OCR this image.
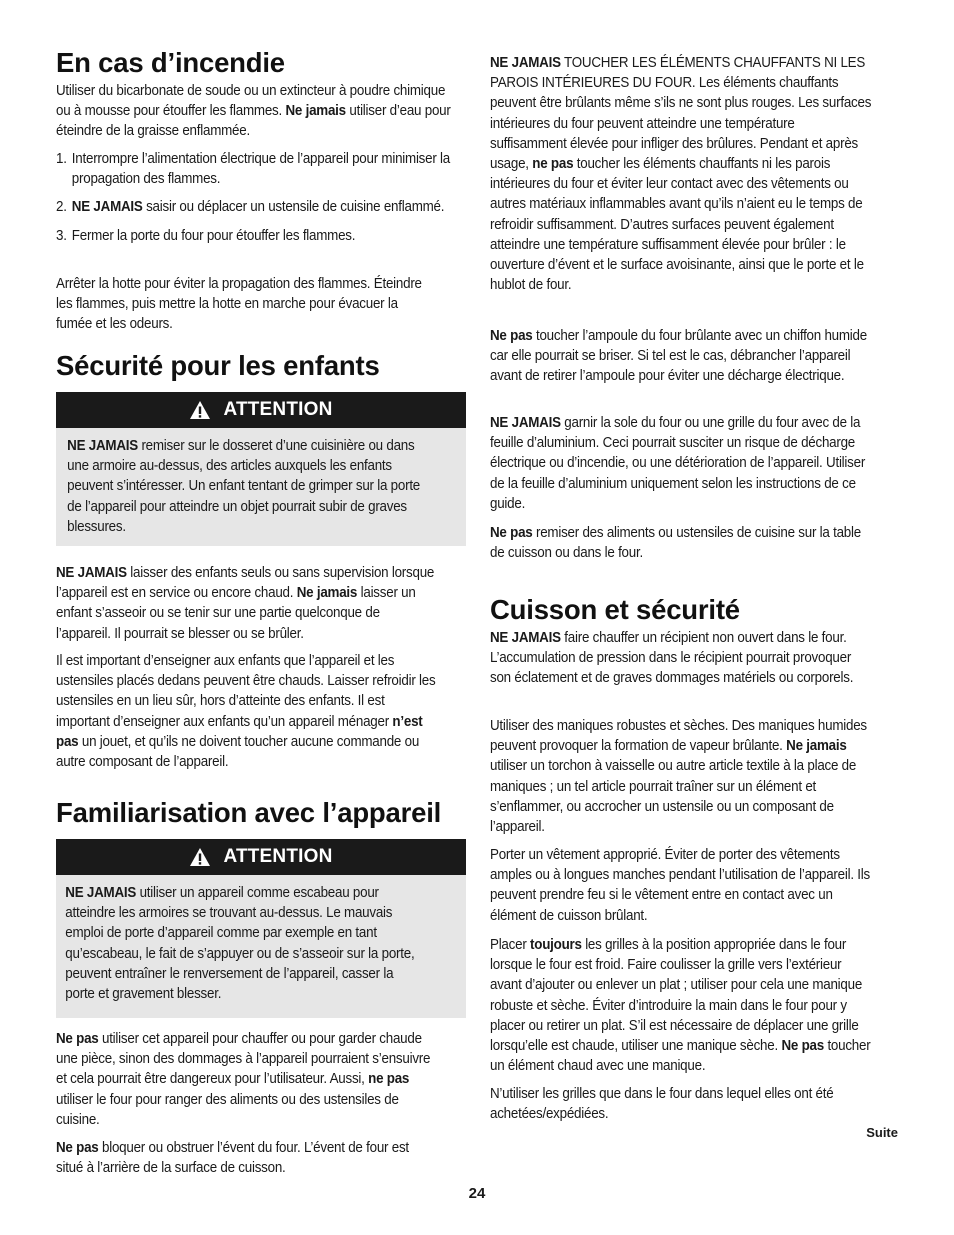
En cas d’incendie

Utiliser du bicarbonate de soude ou un extincteur à poudre chimique ou à mousse pour étouffer les flammes. Ne jamais utiliser d’eau pour éteindre de la graisse enflammée.

1. Interrompre l’alimentation électrique de l’appareil pour minimiser la propagation des flammes.

2. NE JAMAIS saisir ou déplacer un ustensile de cuisine enflammé.

3. Fermer la porte du four pour étouffer les flammes.

Arrêter la hotte pour éviter la propagation des flammes. Éteindre les flammes, puis mettre la hotte en marche pour évacuer la fumée et les odeurs.

Sécurité pour les enfants
ATTENTION

NE JAMAIS remiser sur le dosseret d’une cuisinière ou dans une armoire au-dessus, des articles auxquels les enfants peuvent s’intéresser. Un enfant tentant de grimper sur la porte de l’appareil pour atteindre un objet pourrait subir de graves blessures.

NE JAMAIS laisser des enfants seuls ou sans supervision lorsque l’appareil est en service ou encore chaud. Ne jamais laisser un enfant s’asseoir ou se tenir sur une partie quelconque de l’appareil. Il pourrait se blesser ou se brûler.

Il est important d’enseigner aux enfants que l’appareil et les ustensiles placés dedans peuvent être chauds. Laisser refroidir les ustensiles en un lieu sûr, hors d’atteinte des enfants. Il est important d’enseigner aux enfants qu’un appareil ménager n’est pas un jouet, et qu’ils ne doivent toucher aucune commande ou autre composant de l’appareil.

Familiarisation avec l’appareil
ATTENTION

NE JAMAIS utiliser un appareil comme escabeau pour atteindre les armoires se trouvant au-dessus. Le mauvais emploi de porte d’appareil comme par exemple en tant qu’escabeau, le fait de s’appuyer ou de s’asseoir sur la porte, peuvent entraîner le renversement de l’appareil, casser la porte et gravement blesser.

Ne pas utiliser cet appareil pour chauffer ou pour garder chaude une pièce, sinon des dommages à l’appareil pourraient s’ensuivre et cela pourrait être dangereux pour l’utilisateur. Aussi, ne pas utiliser le four pour ranger des aliments ou des ustensiles de cuisine.

Ne pas bloquer ou obstruer l’évent du four. L’évent de four est situé à l’arrière de la surface de cuisson.

NE JAMAIS TOUCHER LES ÉLÉMENTS CHAUFFANTS NI LES PAROIS INTÉRIEURES DU FOUR. Les éléments chauffants peuvent être brûlants même s’ils ne sont plus rouges. Les surfaces intérieures du four peuvent atteindre une température suffisamment élevée pour infliger des brûlures. Pendant et après usage, ne pas toucher les éléments chauffants ni les parois intérieures du four et éviter leur contact avec des vêtements ou autres matériaux inflammables avant qu’ils n’aient eu le temps de refroidir suffisamment. D’autres surfaces peuvent également atteindre une température suffisamment élevée pour brûler : le ouverture d’évent et le surface avoisinante, ainsi que le porte et le hublot de four.

Ne pas toucher l’ampoule du four brûlante avec un chiffon humide car elle pourrait se briser. Si tel est le cas, débrancher l’appareil avant de retirer l’ampoule pour éviter une décharge électrique.

NE JAMAIS garnir la sole du four ou une grille du four avec de la feuille d’aluminium. Ceci pourrait susciter un risque de décharge électrique ou d’incendie, ou une détérioration de l’appareil. Utiliser de la feuille d’aluminium uniquement selon les instructions de ce guide.

Ne pas remiser des aliments ou ustensiles de cuisine sur la table de cuisson ou dans le four.

Cuisson et sécurité

NE JAMAIS faire chauffer un récipient non ouvert dans le four. L’accumulation de pression dans le récipient pourrait provoquer son éclatement et de graves dommages matériels ou corporels.

Utiliser des maniques robustes et sèches. Des maniques humides peuvent provoquer la formation de vapeur brûlante. Ne jamais utiliser un torchon à vaisselle ou autre article textile à la place de maniques ; un tel article pourrait traîner sur un élément et s’enflammer, ou accrocher un ustensile ou un composant de l’appareil.

Porter un vêtement approprié. Éviter de porter des vêtements amples ou à longues manches pendant l’utilisation de l’appareil. Ils peuvent prendre feu si le vêtement entre en contact avec un élément de cuisson brûlant.

Placer toujours les grilles à la position appropriée dans le four lorsque le four est froid. Faire coulisser la grille vers l’extérieur avant d’ajouter ou enlever un plat ; utiliser pour cela une manique robuste et sèche. Éviter d’introduire la main dans le four pour y placer ou retirer un plat. S’il est nécessaire de déplacer une grille lorsqu’elle est chaude, utiliser une manique sèche. Ne pas toucher un élément chaud avec une manique.

N’utiliser les grilles que dans le four dans lequel elles ont été achetées/expédiées.

Suite
24
